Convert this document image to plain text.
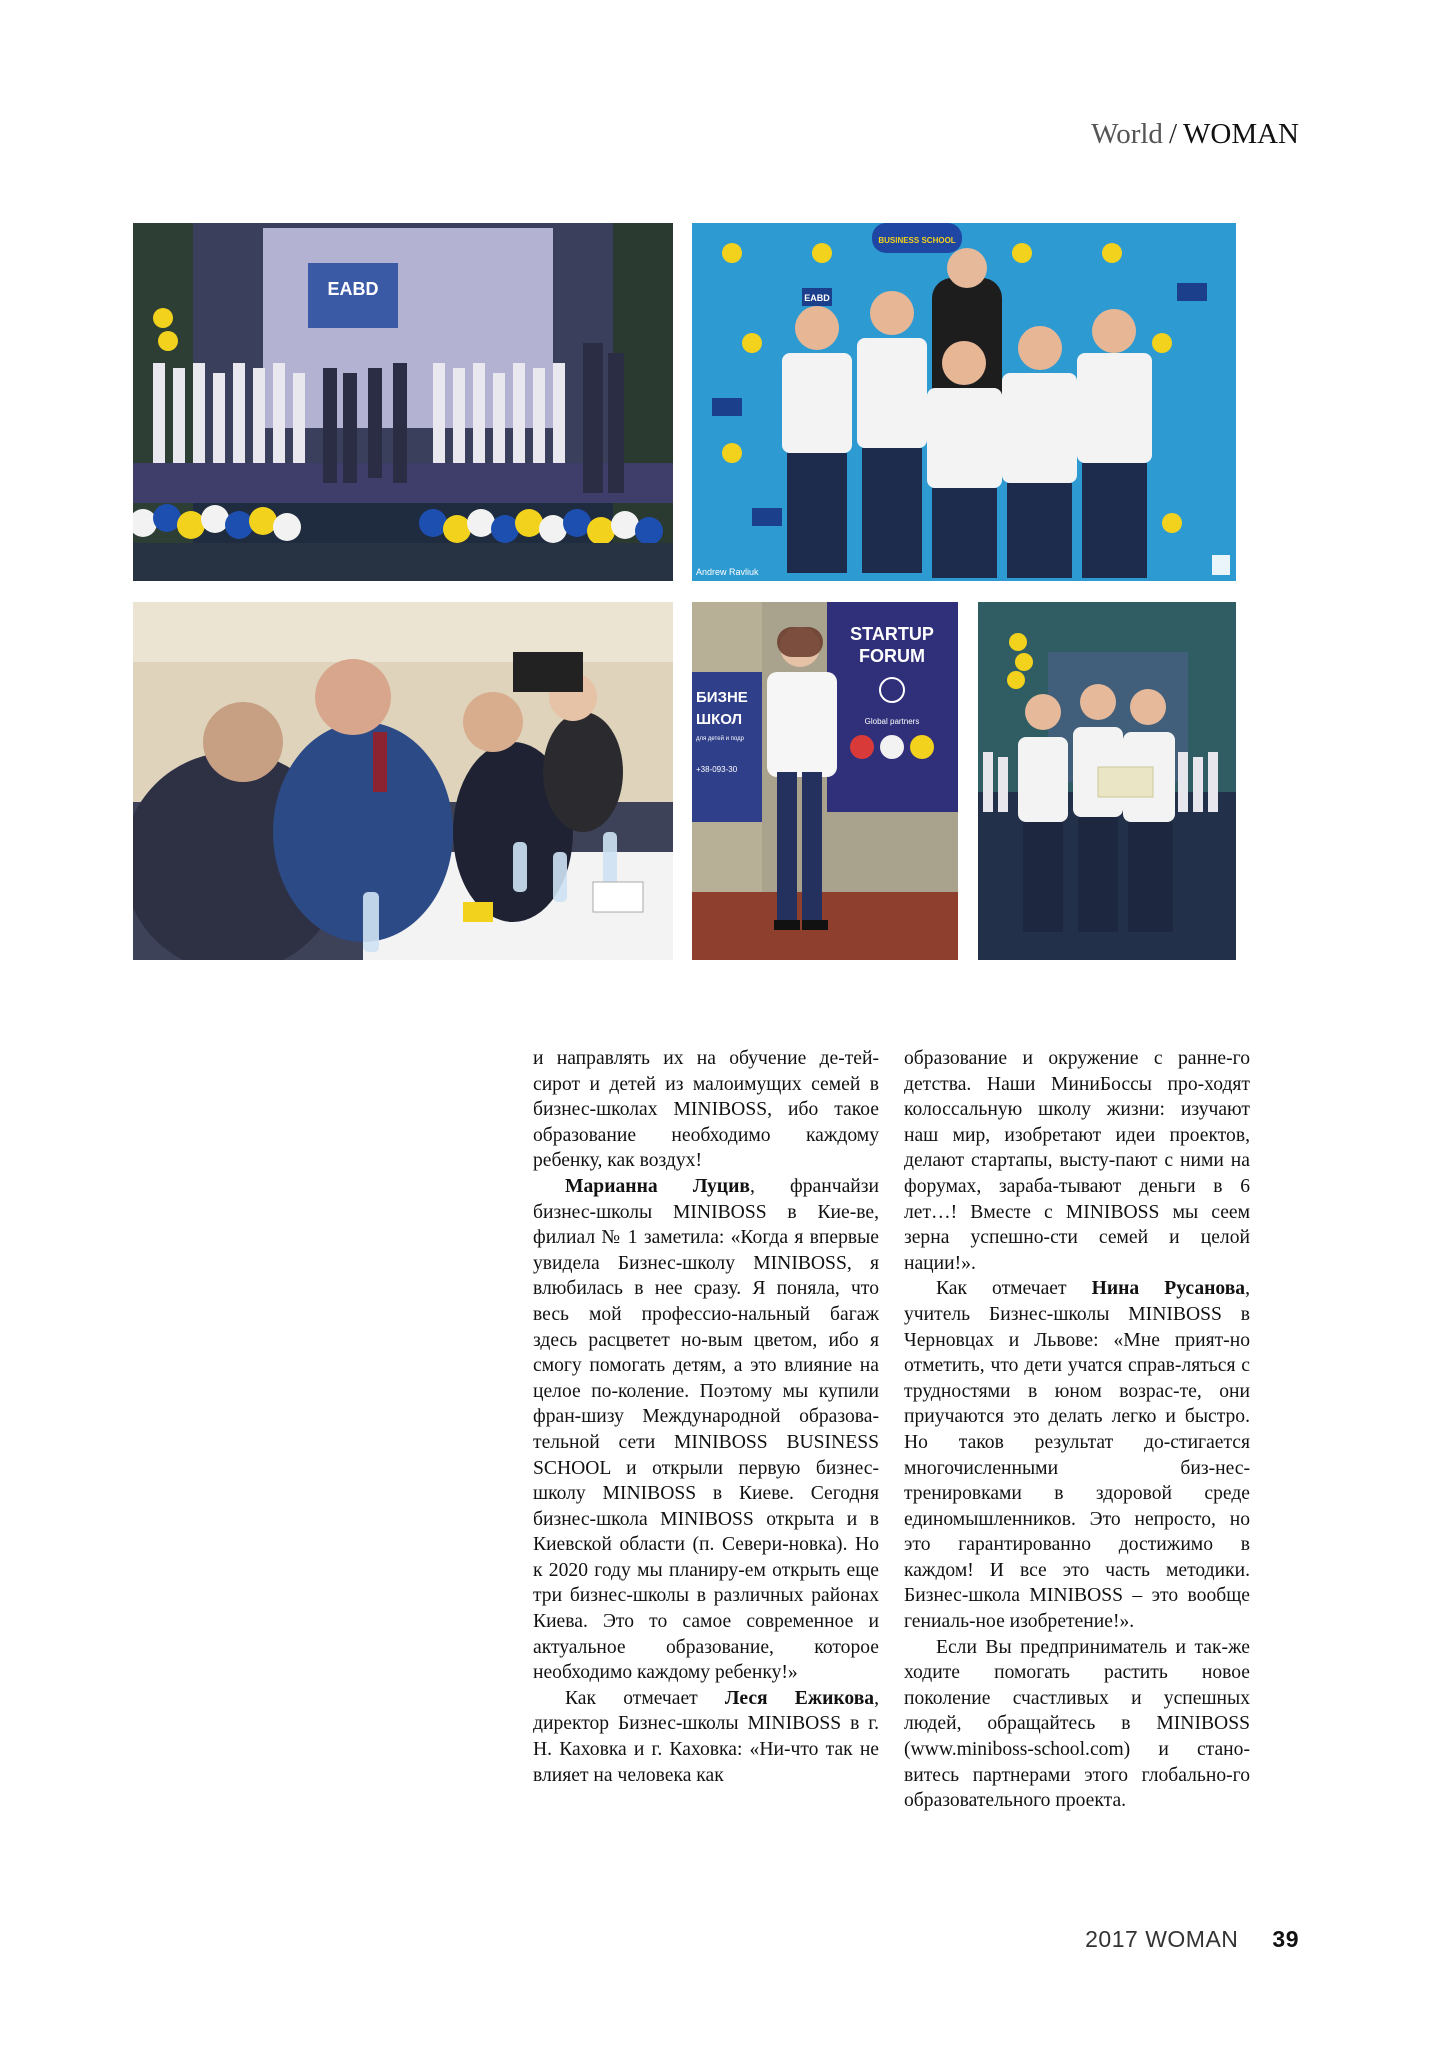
World / WOMAN
EABD
BUSINESS SCHOOL
EABD
Andrew Ravliuk
STARTUP
FORUM
Global partners
БИЗНЕ
ШКОЛ
для детей и подр
+38-093-30

и направлять их на обучение де-тей-сирот и детей из малоимущих семей в бизнес-школах MINIBOSS, ибо такое образование необходимо каждому ребенку, как воздух!

Марианна Луцив, франчайзи бизнес-школы MINIBOSS в Кие-ве, филиал № 1 заметила: «Когда я впервые увидела Бизнес-школу MINIBOSS, я влюбилась в нее сразу. Я поняла, что весь мой профессио-нальный багаж здесь расцветет но-вым цветом, ибо я смогу помогать детям, а это влияние на целое по-коление. Поэтому мы купили фран-шизу Международной образова-тельной сети MINIBOSS BUSINESS SCHOOL и открыли первую бизнес-школу MINIBOSS в Киеве. Сегодня бизнес-школа MINIBOSS открыта и в Киевской области (п. Севери-новка). Но к 2020 году мы планиру-ем открыть еще три бизнес-школы в различных районах Киева. Это то самое современное и актуальное образование, которое необходимо каждому ребенку!»

Как отмечает Леся Ежикова, директор Бизнес-школы MINIBOSS в г. Н. Каховка и г. Каховка: «Ни-что так не влияет на человека как

образование и окружение с ранне-го детства. Наши МиниБоссы про-ходят колоссальную школу жизни: изучают наш мир, изобретают идеи проектов, делают стартапы, высту-пают с ними на форумах, зараба-тывают деньги в 6 лет…! Вместе с MINIBOSS мы сеем зерна успешно-сти семей и целой нации!».

Как отмечает Нина Русанова, учитель Бизнес-школы MINIBOSS в Черновцах и Львове: «Мне прият-но отметить, что дети учатся справ-ляться с трудностями в юном возрас-те, они приучаются это делать легко и быстро. Но таков результат до-стигается многочисленными биз-нес-тренировками в здоровой среде единомышленников. Это непросто, но это гарантированно достижимо в каждом! И все это часть методики. Бизнес-школа MINIBOSS – это вообще гениаль-ное изобретение!».

Если Вы предприниматель и так-же ходите помогать растить новое поколение счастливых и успешных людей, обращайтесь в MINIBOSS (www.miniboss-school.com) и стано-витесь партнерами этого глобально-го образовательного проекта.

2017 WOMAN 39
